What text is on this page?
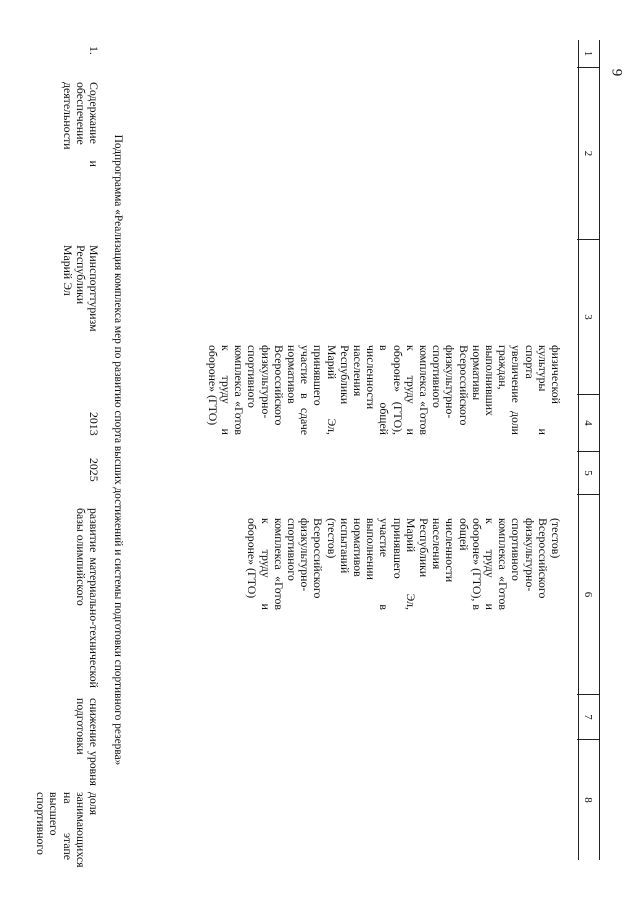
9
1
2
3
4
5
6
7
8
физической культуры и спорта увеличение доли граждан, выполнивших нормативы Всероссийского физкультурно-спортивного комплекса «Готов к труду и обороне» (ГТО), в общей численности населения Республики Марий Эл, принявшего участие в сдаче нормативов Всероссийского физкультурно-спортивного комплекса «Готов к труду и обороне» (ГТО)
(тестов) Всероссийского физкультурно-спортивного комплекса «Готов к труду и обороне» (ГТО), в общей численности населения Республики Марий Эл, принявшего участие в выполнении нормативов испытаний (тестов) Всероссийского физкультурно-спортивного комплекса «Готов к труду и обороне» (ГТО)
Подпрограмма «Реализация комплекса мер по развитию спорта высших достижений и системы подготовки спортивного резерва»
1.
Содержание и обеспечение деятельности
Минспорттуризм Республики Марий Эл
2013
2025
развитие материально-технической базы олимпийского
снижение уровня подготовки
доля занимающихся на этапе высшего спортивного
